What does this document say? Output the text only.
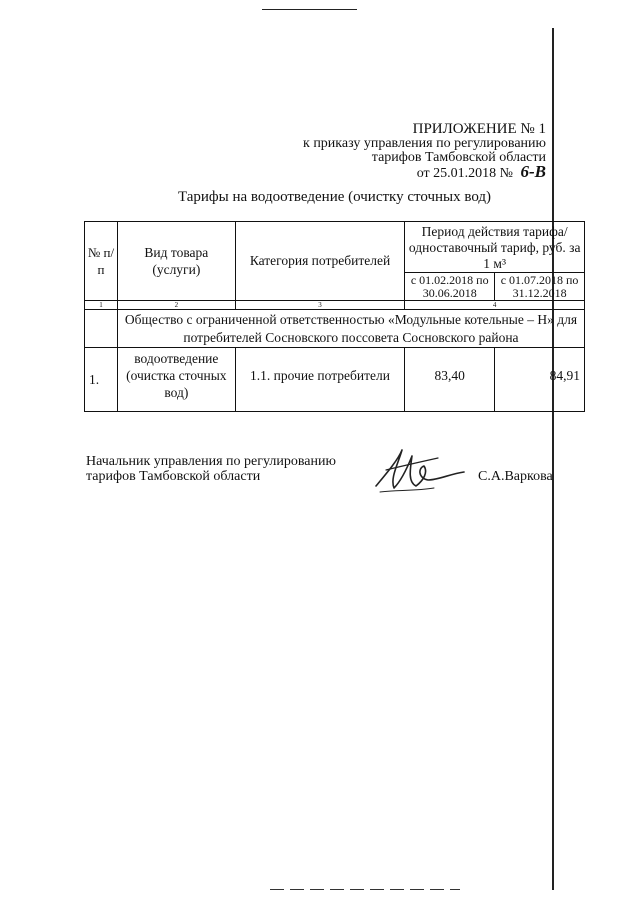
ПРИЛОЖЕНИЕ № 1
к приказу управления по регулированию
тарифов Тамбовской области
от 25.01.2018 № 6-В
Тарифы на водоотведение (очистку сточных вод)
№ п/п	Вид товара (услуги)	Категория потребителей	Период действия тарифа/одноставочный тариф, руб. за 1 м³	
			с 01.02.2018 по 30.06.2018	с 01.07.2018 по 31.12.2018
1	2	3	4	
	Общество с ограниченной ответственностью «Модульные котельные – Н» для потребителей Сосновского поссовета Сосновского района			
1.	водоотведение (очистка сточных вод)	1.1. прочие потребители	83,40	84,91
Начальник управления по регулированию
тарифов Тамбовской области	С.А.Варкова
